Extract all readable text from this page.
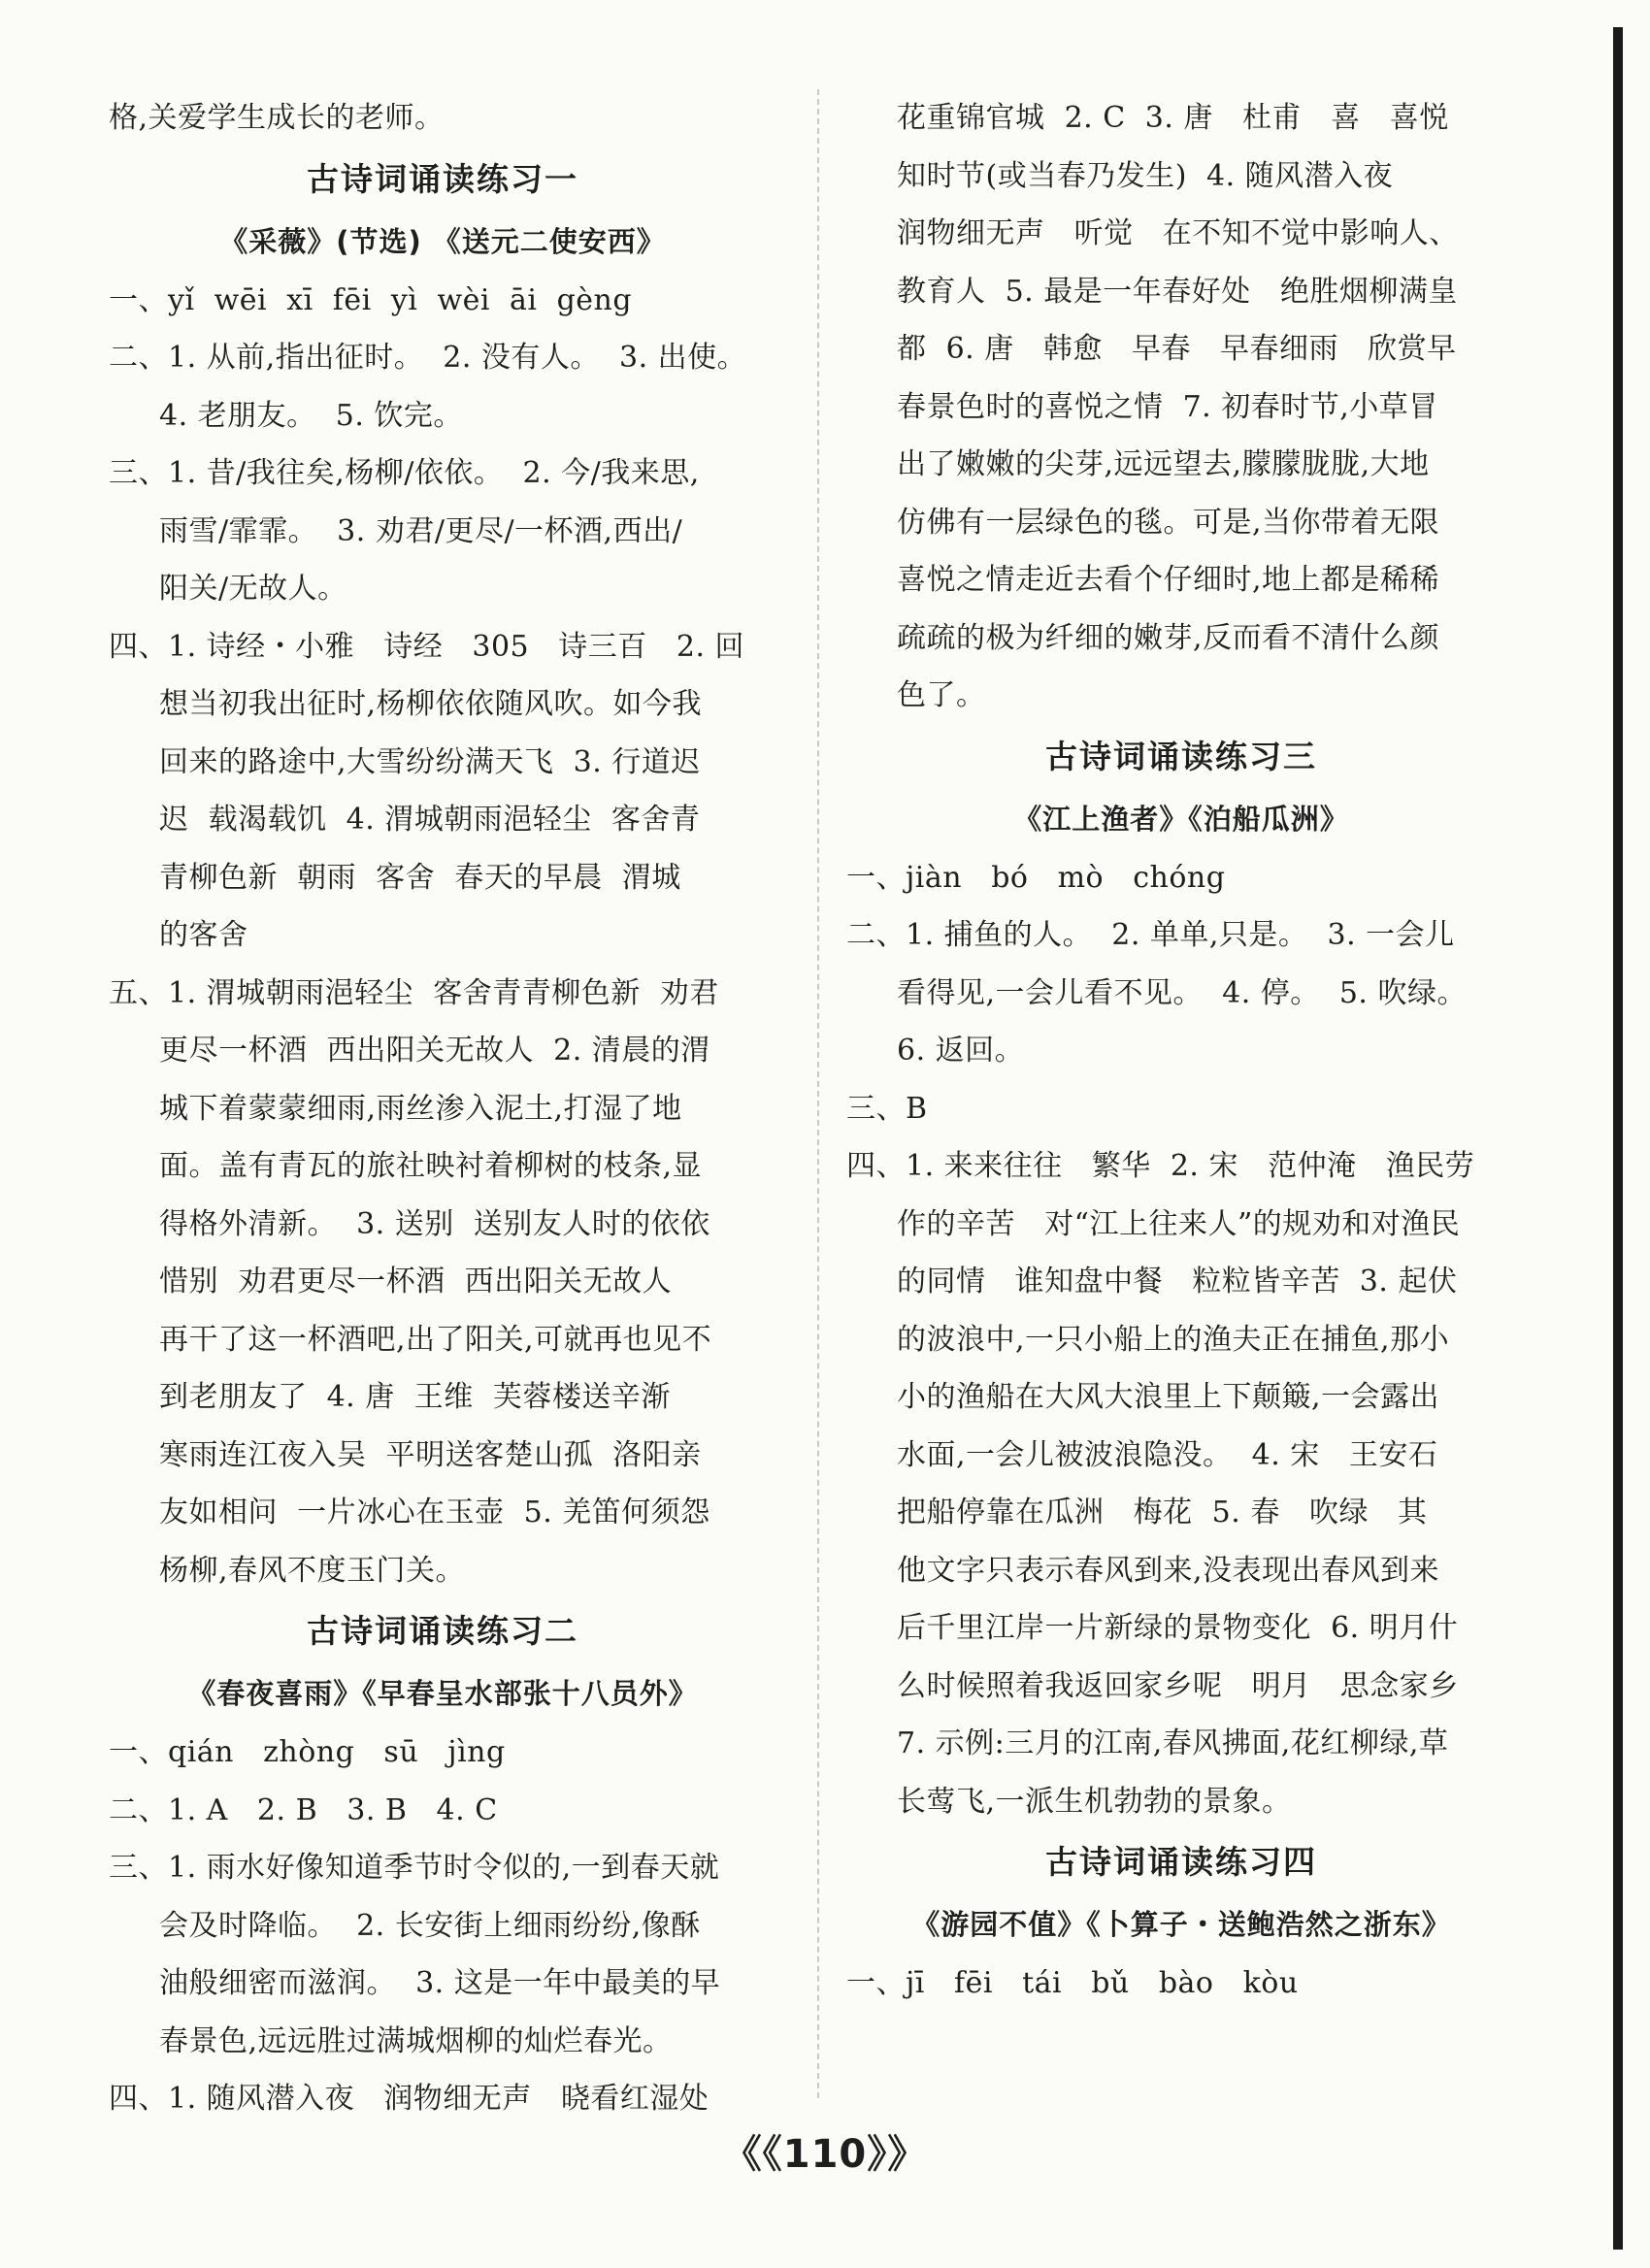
格,关爱学生成长的老师。
古诗词诵读练习一
《采薇》(节选) 《送元二使安西》
一、yǐ  wēi  xī  fēi  yì  wèi  āi  gèng
二、1. 从前,指出征时。  2. 没有人。  3. 出使。
4. 老朋友。  5. 饮完。
三、1. 昔/我往矣,杨柳/依依。  2. 今/我来思,
雨雪/霏霏。  3. 劝君/更尽/一杯酒,西出/
阳关/无故人。
四、1. 诗经・小雅   诗经   305   诗三百   2. 回
想当初我出征时,杨柳依依随风吹。如今我
回来的路途中,大雪纷纷满天飞  3. 行道迟
迟  载渴载饥  4. 渭城朝雨浥轻尘  客舍青
青柳色新  朝雨  客舍  春天的早晨  渭城
的客舍
五、1. 渭城朝雨浥轻尘  客舍青青柳色新  劝君
更尽一杯酒  西出阳关无故人  2. 清晨的渭
城下着蒙蒙细雨,雨丝渗入泥土,打湿了地
面。盖有青瓦的旅社映衬着柳树的枝条,显
得格外清新。  3. 送别  送别友人时的依依
惜别  劝君更尽一杯酒  西出阳关无故人
再干了这一杯酒吧,出了阳关,可就再也见不
到老朋友了  4. 唐  王维  芙蓉楼送辛渐
寒雨连江夜入吴  平明送客楚山孤  洛阳亲
友如相问  一片冰心在玉壶  5. 羌笛何须怨
杨柳,春风不度玉门关。
古诗词诵读练习二
《春夜喜雨》《早春呈水部张十八员外》
一、qián   zhòng   sū   jìng
二、1. A   2. B   3. B   4. C
三、1. 雨水好像知道季节时令似的,一到春天就
会及时降临。  2. 长安街上细雨纷纷,像酥
油般细密而滋润。  3. 这是一年中最美的早
春景色,远远胜过满城烟柳的灿烂春光。
四、1. 随风潜入夜   润物细无声   晓看红湿处
花重锦官城  2. C  3. 唐   杜甫   喜   喜悦
知时节(或当春乃发生)  4. 随风潜入夜
润物细无声   听觉   在不知不觉中影响人、
教育人  5. 最是一年春好处   绝胜烟柳满皇
都  6. 唐   韩愈   早春   早春细雨   欣赏早
春景色时的喜悦之情  7. 初春时节,小草冒
出了嫩嫩的尖芽,远远望去,朦朦胧胧,大地
仿佛有一层绿色的毯。可是,当你带着无限
喜悦之情走近去看个仔细时,地上都是稀稀
疏疏的极为纤细的嫩芽,反而看不清什么颜
色了。
古诗词诵读练习三
《江上渔者》《泊船瓜洲》
一、jiàn   bó   mò   chóng
二、1. 捕鱼的人。  2. 单单,只是。  3. 一会儿
看得见,一会儿看不见。  4. 停。  5. 吹绿。
6. 返回。
三、B
四、1. 来来往往   繁华  2. 宋   范仲淹   渔民劳
作的辛苦   对“江上往来人”的规劝和对渔民
的同情   谁知盘中餐   粒粒皆辛苦  3. 起伏
的波浪中,一只小船上的渔夫正在捕鱼,那小
小的渔船在大风大浪里上下颠簸,一会露出
水面,一会儿被波浪隐没。  4. 宋   王安石
把船停靠在瓜洲   梅花  5. 春   吹绿   其
他文字只表示春风到来,没表现出春风到来
后千里江岸一片新绿的景物变化  6. 明月什
么时候照着我返回家乡呢   明月   思念家乡
7. 示例:三月的江南,春风拂面,花红柳绿,草
长莺飞,一派生机勃勃的景象。
古诗词诵读练习四
《游园不值》《卜算子・送鲍浩然之浙东》
一、jī   fēi   tái   bǔ   bào   kòu
《《110》》
